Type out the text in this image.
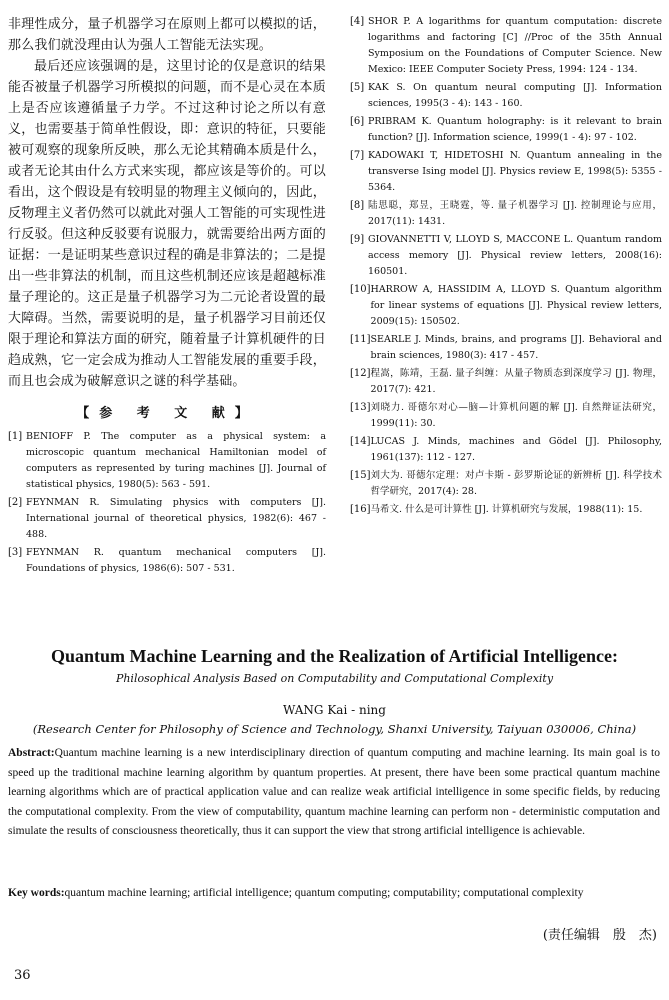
非理性成分，量子机器学习在原则上都可以模拟的话，那么我们就没理由认为强人工智能无法实现。

最后还应该强调的是，这里讨论的仅是意识的结果能否被量子机器学习所模拟的问题，而不是心灵在本质上是否应该遵循量子力学。不过这种讨论之所以有意义，也需要基于简单性假设，即：意识的特征，只要能被可观察的现象所反映，那么无论其精确本质是什么，或者无论其由什么方式来实现，都应该是等价的。可以看出，这个假设是有较明显的物理主义倾向的，因此，反物理主义者仍然可以就此对强人工智能的可实现性进行反驳。但这种反驳要有说服力，就需要给出两方面的证据：一是证明某些意识过程的确是非算法的；二是提出一些非算法的机制，而且这些机制还应该是超越标准量子理论的。这正是量子机器学习为二元论者设置的最大障碍。当然，需要说明的是，量子机器学习目前还仅限于理论和算法方面的研究，随着量子计算机硬件的日趋成熟，它一定会成为推动人工智能发展的重要手段，而且也会成为破解意识之谜的科学基础。

【参 考 文 献】
[1] BENIOFF P. The computer as a physical system: a microscopic quantum mechanical Hamiltonian model of computers as represented by turing machines [J]. Journal of statistical physics, 1980(5): 563 - 591.
[2] FEYNMAN R. Simulating physics with computers [J]. International journal of theoretical physics, 1982(6): 467 - 488.
[3] FEYNMAN R. quantum mechanical computers [J]. Foundations of physics, 1986(6): 507 - 531.
[4] SHOR P. A logarithms for quantum computation: discrete logarithms and factoring [C] //Proc of the 35th Annual Symposium on the Foundations of Computer Science. New Mexico: IEEE Computer Society Press, 1994: 124 - 134.
[5] KAK S. On quantum neural computing [J]. Information sciences, 1995(3 - 4): 143 - 160.
[6] PRIBRAM K. Quantum holography: is it relevant to brain function? [J]. Information science, 1999(1 - 4): 97 - 102.
[7] KADOWAKI T, HIDETOSHI N. Quantum annealing in the transverse Ising model [J]. Physics review E, 1998(5): 5355 - 5364.
[8] 陆思聪，郑昱，王晓霆，等. 量子机器学习 [J]. 控制理论与应用，2017(11): 1431.
[9] GIOVANNETTI V, LLOYD S, MACCONE L. Quantum random access memory [J]. Physical review letters, 2008(16): 160501.
[10] HARROW A, HASSIDIM A, LLOYD S. Quantum algorithm for linear systems of equations [J]. Physical review letters, 2009(15): 150502.
[11] SEARLE J. Minds, brains, and programs [J]. Behavioral and brain sciences, 1980(3): 417 - 457.
[12] 程嵩，陈靖，王磊. 量子纠缠：从量子物质态到深度学习 [J]. 物理，2017(7): 421.
[13] 刘晓力. 哥德尔对心—脑—计算机问题的解 [J]. 自然辩证法研究，1999(11): 30.
[14] LUCAS J. Minds, machines and Gödel [J]. Philosophy, 1961(137): 112 - 127.
[15] 刘大为. 哥德尔定理：对卢卡斯 - 彭罗斯论证的新辨析 [J]. 科学技术哲学研究，2017(4): 28.
[16] 马希文. 什么是可计算性 [J]. 计算机研究与发展，1988(11): 15.
Quantum Machine Learning and the Realization of Artificial Intelligence:
Philosophical Analysis Based on Computability and Computational Complexity
WANG Kai - ning
(Research Center for Philosophy of Science and Technology, Shanxi University, Taiyuan 030006, China)
Abstract:Quantum machine learning is a new interdisciplinary direction of quantum computing and machine learning. Its main goal is to speed up the traditional machine learning algorithm by quantum properties. At present, there have been some practical quantum machine learning algorithms which are of practical application value and can realize weak artificial intelligence in some specific fields, by reducing the computational complexity. From the view of computability, quantum machine learning can perform non - deterministic computation and simulate the results of consciousness theoretically, thus it can support the view that strong artificial intelligence is achievable.
Key words:quantum machine learning; artificial intelligence; quantum computing; computability; computational complexity
(责任编辑　殷　杰)
36
